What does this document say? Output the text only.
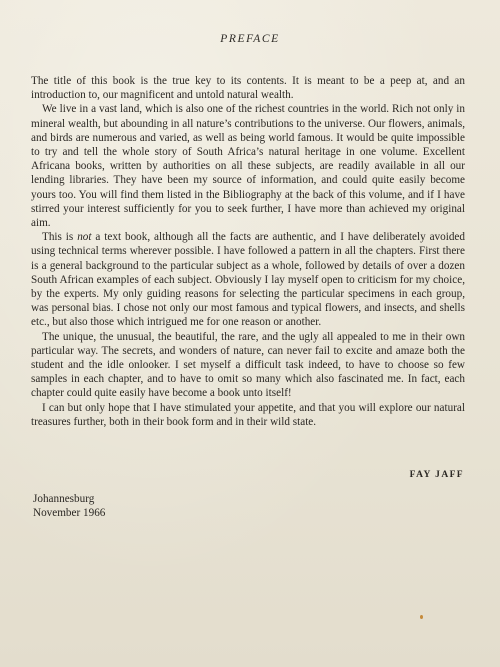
PREFACE

The title of this book is the true key to its contents. It is meant to be a peep at, and an introduction to, our magnificent and untold natural wealth.

We live in a vast land, which is also one of the richest countries in the world. Rich not only in mineral wealth, but abounding in all nature’s contributions to the universe. Our flowers, animals, and birds are numerous and varied, as well as being world famous. It would be quite impossible to try and tell the whole story of South Africa’s natural heritage in one volume. Excellent Africana books, written by authorities on all these subjects, are readily available in all our lending libraries. They have been my source of information, and could quite easily become yours too. You will find them listed in the Bibliography at the back of this volume, and if I have stirred your interest sufficiently for you to seek further, I have more than achieved my original aim.

This is not a text book, although all the facts are authentic, and I have deliberately avoided using technical terms wherever possible. I have followed a pattern in all the chapters. First there is a general background to the particular subject as a whole, followed by details of over a dozen South African examples of each subject. Obviously I lay myself open to criticism for my choice, by the experts. My only guiding reasons for selecting the particular specimens in each group, was personal bias. I chose not only our most famous and typical flowers, and insects, and shells etc., but also those which intrigued me for one reason or another.

The unique, the unusual, the beautiful, the rare, and the ugly all appealed to me in their own particular way. The secrets, and wonders of nature, can never fail to excite and amaze both the student and the idle onlooker. I set myself a difficult task indeed, to have to choose so few samples in each chapter, and to have to omit so many which also fascinated me. In fact, each chapter could quite easily have become a book unto itself!

I can but only hope that I have stimulated your appetite, and that you will explore our natural treasures further, both in their book form and in their wild state.

FAY JAFF
Johannesburg
November 1966
